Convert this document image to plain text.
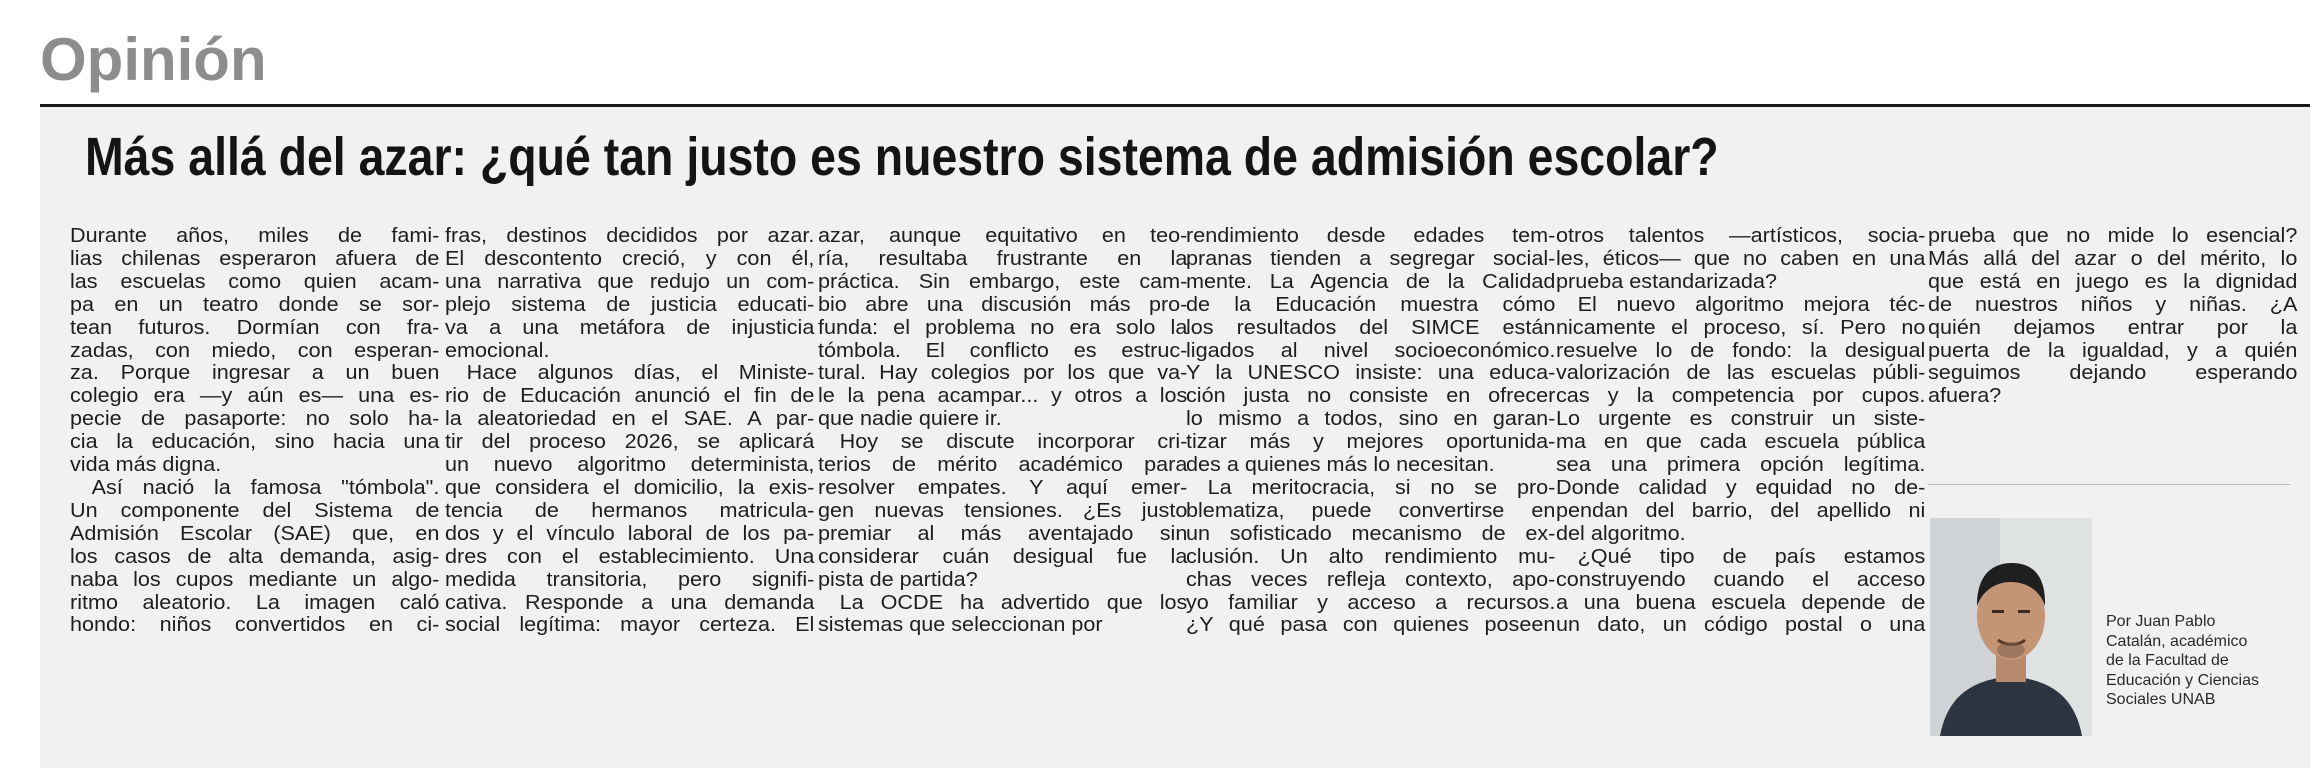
Opinión
Más allá del azar: ¿qué tan justo es nuestro sistema de admisión escolar?
Durante años, miles de fami-
lias chilenas esperaron afuera de
las escuelas como quien acam-
pa en un teatro donde se sor-
tean futuros. Dormían con fra-
zadas, con miedo, con esperan-
za. Porque ingresar a un buen
colegio era —y aún es— una es-
pecie de pasaporte: no solo ha-
cia la educación, sino hacia una
vida más digna.
Así nació la famosa "tómbola".
Un componente del Sistema de
Admisión Escolar (SAE) que, en
los casos de alta demanda, asig-
naba los cupos mediante un algo-
ritmo aleatorio. La imagen caló
hondo: niños convertidos en ci-
fras, destinos decididos por azar.
El descontento creció, y con él,
una narrativa que redujo un com-
plejo sistema de justicia educati-
va a una metáfora de injusticia
emocional.
Hace algunos días, el Ministe-
rio de Educación anunció el fin de
la aleatoriedad en el SAE. A par-
tir del proceso 2026, se aplicará
un nuevo algoritmo determinista,
que considera el domicilio, la exis-
tencia de hermanos matricula-
dos y el vínculo laboral de los pa-
dres con el establecimiento. Una
medida transitoria, pero signifi-
cativa. Responde a una demanda
social legítima: mayor certeza. El
azar, aunque equitativo en teo-
ría, resultaba frustrante en la
práctica. Sin embargo, este cam-
bio abre una discusión más pro-
funda: el problema no era solo la
tómbola. El conflicto es estruc-
tural. Hay colegios por los que va-
le la pena acampar... y otros a los
que nadie quiere ir.
Hoy se discute incorporar cri-
terios de mérito académico para
resolver empates. Y aquí emer-
gen nuevas tensiones. ¿Es justo
premiar al más aventajado sin
considerar cuán desigual fue la
pista de partida?
La OCDE ha advertido que los
sistemas que seleccionan por
rendimiento desde edades tem-
pranas tienden a segregar social-
mente. La Agencia de la Calidad
de la Educación muestra cómo
los resultados del SIMCE están
ligados al nivel socioeconómico.
Y la UNESCO insiste: una educa-
ción justa no consiste en ofrecer
lo mismo a todos, sino en garan-
tizar más y mejores oportunida-
des a quienes más lo necesitan.
La meritocracia, si no se pro-
blematiza, puede convertirse en
un sofisticado mecanismo de ex-
clusión. Un alto rendimiento mu-
chas veces refleja contexto, apo-
yo familiar y acceso a recursos.
¿Y qué pasa con quienes poseen
otros talentos —artísticos, socia-
les, éticos— que no caben en una
prueba estandarizada?
El nuevo algoritmo mejora téc-
nicamente el proceso, sí. Pero no
resuelve lo de fondo: la desigual
valorización de las escuelas públi-
cas y la competencia por cupos.
Lo urgente es construir un siste-
ma en que cada escuela pública
sea una primera opción legítima.
Donde calidad y equidad no de-
pendan del barrio, del apellido ni
del algoritmo.
¿Qué tipo de país estamos
construyendo cuando el acceso
a una buena escuela depende de
un dato, un código postal o una
prueba que no mide lo esencial?
Más allá del azar o del mérito, lo
que está en juego es la dignidad
de nuestros niños y niñas. ¿A
quién dejamos entrar por la
puerta de la igualdad, y a quién
seguimos dejando esperando
afuera?
Por Juan Pablo
Catalán, académico
de la Facultad de
Educación y Ciencias
Sociales UNAB
